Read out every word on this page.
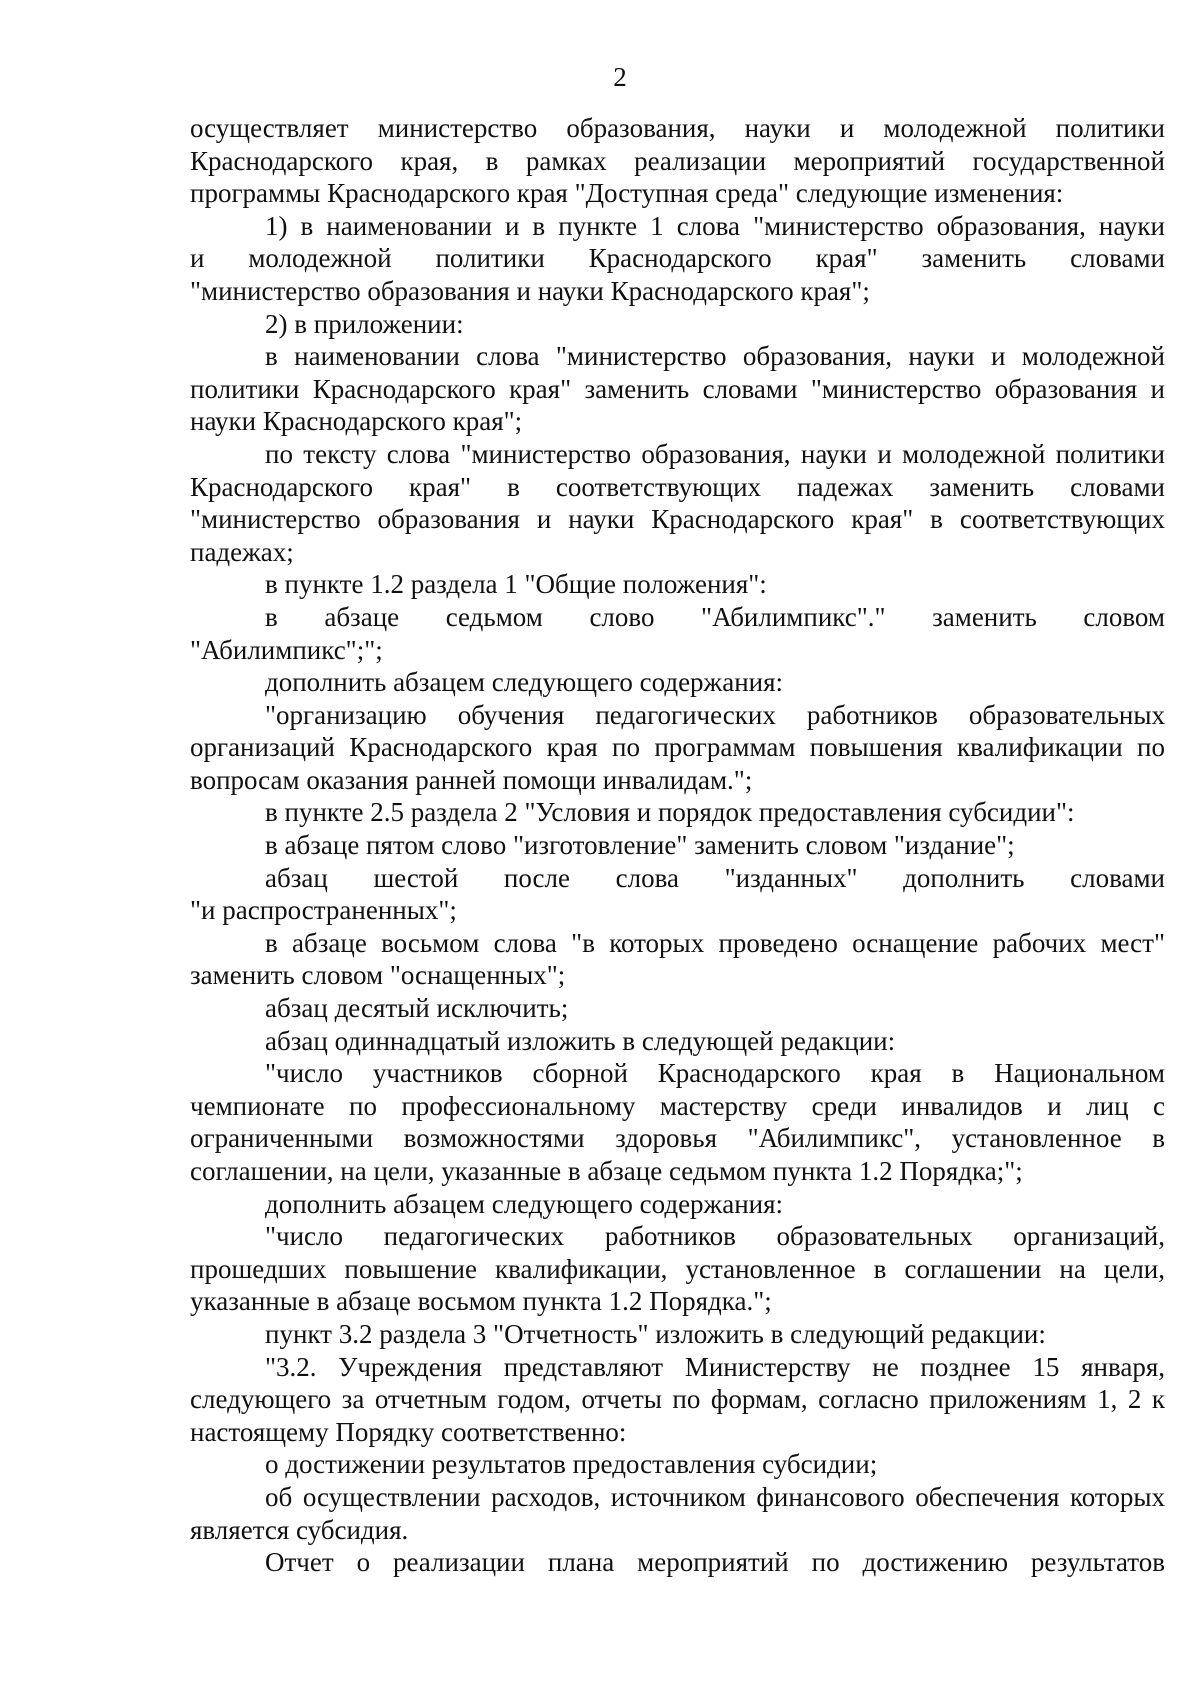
2

осуществляет министерство образования, науки и молодежной политики Краснодарского края, в рамках реализации мероприятий государственной программы Краснодарского края "Доступная среда" следующие изменения:

1) в наименовании и в пункте 1 слова "министерство образования, науки

и молодежной политики Краснодарского края" заменить словами

"министерство образования и науки Краснодарского края";

2) в приложении:

в наименовании слова "министерство образования, науки и молодежной политики Краснодарского края" заменить словами "министерство образования и науки Краснодарского края";

по тексту слова "министерство образования, науки и молодежной политики Краснодарского края" в соответствующих падежах заменить словами "министерство образования и науки Краснодарского края" в соответствующих падежах;

в пункте 1.2 раздела 1 "Общие положения":

в абзаце седьмом слово "Абилимпикс"." заменить словом

"Абилимпикс";";

дополнить абзацем следующего содержания:

"организацию обучения педагогических работников образовательных организаций Краснодарского края по программам повышения квалификации по вопросам оказания ранней помощи инвалидам.";

в пункте 2.5 раздела 2 "Условия и порядок предоставления субсидии":

в абзаце пятом слово "изготовление" заменить словом "издание";

абзац шестой после слова "изданных" дополнить словами

"и распространенных";

в абзаце восьмом слова "в которых проведено оснащение рабочих мест" заменить словом "оснащенных";

абзац десятый исключить;

абзац одиннадцатый изложить в следующей редакции:

"число участников сборной Краснодарского края в Национальном чемпионате по профессиональному мастерству среди инвалидов и лиц с ограниченными возможностями здоровья "Абилимпикс", установленное в соглашении, на цели, указанные в абзаце седьмом пункта 1.2 Порядка;";

дополнить абзацем следующего содержания:

"число педагогических работников образовательных организаций, прошедших повышение квалификации, установленное в соглашении на цели, указанные в абзаце восьмом пункта 1.2 Порядка.";

пункт 3.2 раздела 3 "Отчетность" изложить в следующий редакции:

"3.2. Учреждения представляют Министерству не позднее 15 января, следующего за отчетным годом, отчеты по формам, согласно приложениям 1, 2 к настоящему Порядку соответственно:

о достижении результатов предоставления субсидии;

об осуществлении расходов, источником финансового обеспечения которых является субсидия.

Отчет о реализации плана мероприятий по достижению результатов
